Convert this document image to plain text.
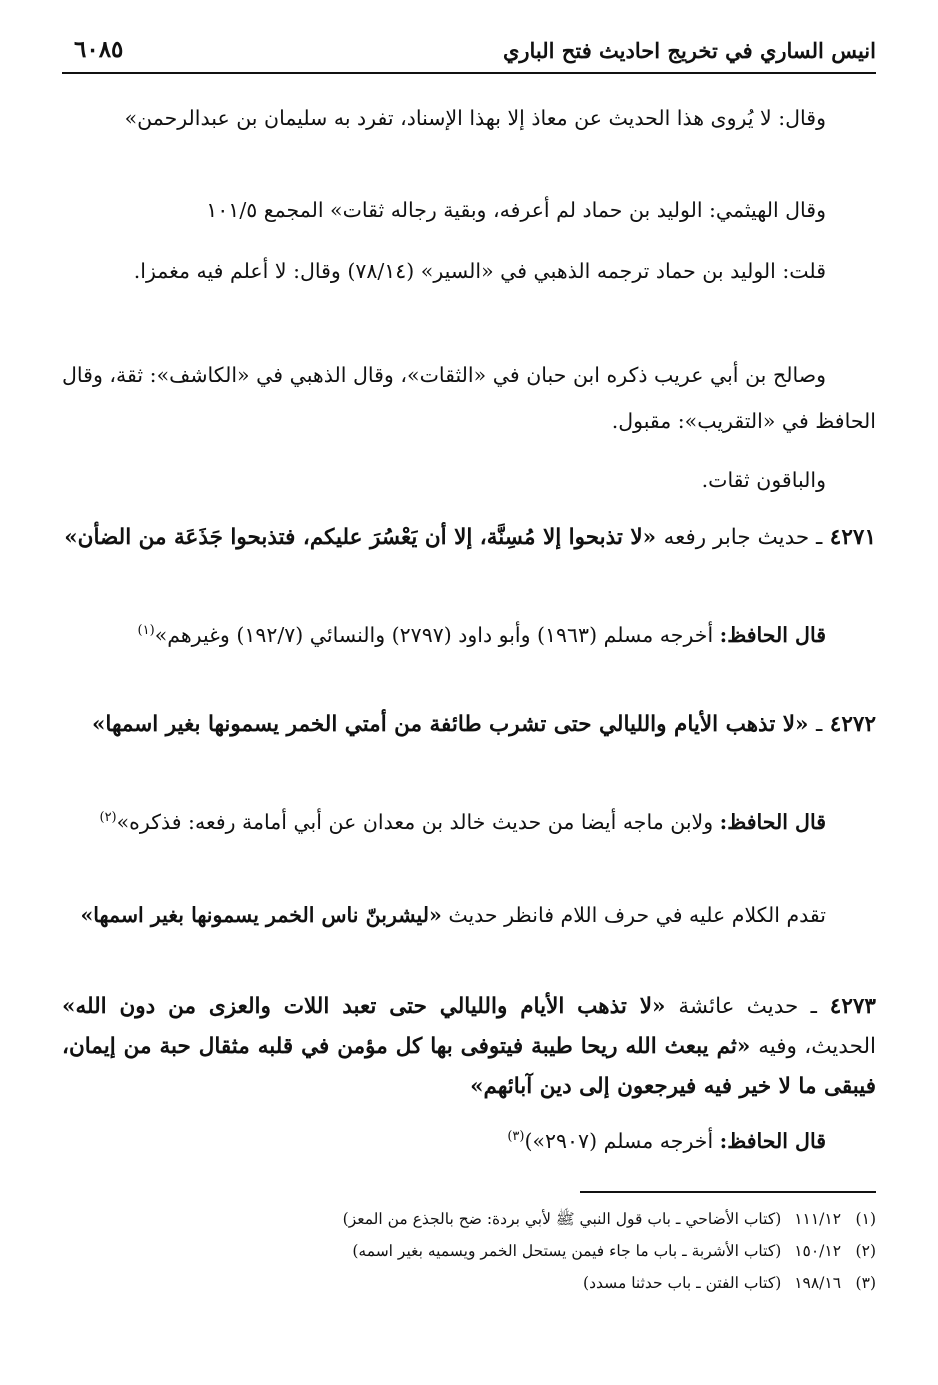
انيس الساري في تخريج احاديث فتح الباري
٦٠٨٥

وقال: لا يُروى هذا الحديث عن معاذ إلا بهذا الإسناد، تفرد به سليمان بن عبدالرحمن»

وقال الهيثمي: الوليد بن حماد لم أعرفه، وبقية رجاله ثقات» المجمع ١٠١/٥

قلت: الوليد بن حماد ترجمه الذهبي في «السير» (٧٨/١٤) وقال: لا أعلم فيه مغمزا.

وصالح بن أبي عريب ذكره ابن حبان في «الثقات»، وقال الذهبي في «الكاشف»: ثقة، وقال الحافظ في «التقريب»: مقبول.

والباقون ثقات.

٤٢٧١ ـ حديث جابر رفعه «لا تذبحوا إلا مُسِنَّة، إلا أن يَعْسُرَ عليكم، فتذبحوا جَذَعَة من الضأن»

قال الحافظ: أخرجه مسلم (١٩٦٣) وأبو داود (٢٧٩٧) والنسائي (١٩٢/٧) وغيرهم»$^{(١)}$

٤٢٧٢ ـ «لا تذهب الأيام والليالي حتى تشرب طائفة من أمتي الخمر يسمونها بغير اسمها»

قال الحافظ: ولابن ماجه أيضا من حديث خالد بن معدان عن أبي أمامة رفعه: فذكره»$^{(٢)}$

تقدم الكلام عليه في حرف اللام فانظر حديث «ليشربنّ ناس الخمر يسمونها بغير اسمها»

٤٢٧٣ ـ حديث عائشة «لا تذهب الأيام والليالي حتى تعبد اللات والعزى من دون الله» الحديث، وفيه «ثم يبعث الله ريحا طيبة فيتوفى بها كل مؤمن في قلبه مثقال حبة من إيمان، فيبقى ما لا خير فيه فيرجعون إلى دين آبائهم»

قال الحافظ: أخرجه مسلم (٢٩٠٧»)$^{(٣)}$

(١) ١١١/١٢ (كتاب الأضاحي ـ باب قول النبي ﷺ لأبي بردة: ضح بالجذع من المعز)
(٢) ١٥٠/١٢ (كتاب الأشربة ـ باب ما جاء فيمن يستحل الخمر ويسميه بغير اسمه)
(٣) ١٩٨/١٦ (كتاب الفتن ـ باب حدثنا مسدد)
